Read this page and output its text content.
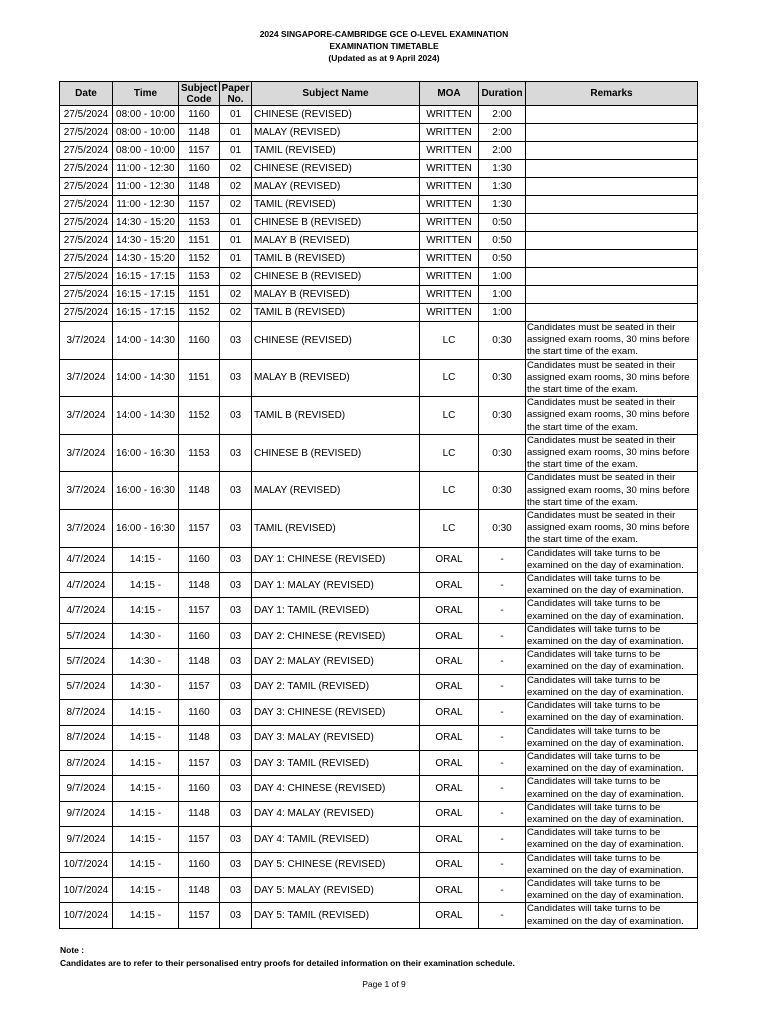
2024 SINGAPORE-CAMBRIDGE GCE O-LEVEL EXAMINATION
EXAMINATION TIMETABLE
(Updated as at 9 April 2024)
Date	Time	Subject Code	Paper No.	Subject Name	MOA	Duration	Remarks
27/5/2024	08:00 - 10:00	1160	01	CHINESE (REVISED)	WRITTEN	2:00	
27/5/2024	08:00 - 10:00	1148	01	MALAY (REVISED)	WRITTEN	2:00	
27/5/2024	08:00 - 10:00	1157	01	TAMIL (REVISED)	WRITTEN	2:00	
27/5/2024	11:00 - 12:30	1160	02	CHINESE (REVISED)	WRITTEN	1:30	
27/5/2024	11:00 - 12:30	1148	02	MALAY (REVISED)	WRITTEN	1:30	
27/5/2024	11:00 - 12:30	1157	02	TAMIL (REVISED)	WRITTEN	1:30	
27/5/2024	14:30 - 15:20	1153	01	CHINESE B (REVISED)	WRITTEN	0:50	
27/5/2024	14:30 - 15:20	1151	01	MALAY B (REVISED)	WRITTEN	0:50	
27/5/2024	14:30 - 15:20	1152	01	TAMIL B (REVISED)	WRITTEN	0:50	
27/5/2024	16:15 - 17:15	1153	02	CHINESE B (REVISED)	WRITTEN	1:00	
27/5/2024	16:15 - 17:15	1151	02	MALAY B (REVISED)	WRITTEN	1:00	
27/5/2024	16:15 - 17:15	1152	02	TAMIL B (REVISED)	WRITTEN	1:00	
3/7/2024	14:00 - 14:30	1160	03	CHINESE (REVISED)	LC	0:30	Candidates must be seated in their assigned exam rooms, 30 mins before the start time of the exam.
3/7/2024	14:00 - 14:30	1151	03	MALAY B (REVISED)	LC	0:30	Candidates must be seated in their assigned exam rooms, 30 mins before the start time of the exam.
3/7/2024	14:00 - 14:30	1152	03	TAMIL B (REVISED)	LC	0:30	Candidates must be seated in their assigned exam rooms, 30 mins before the start time of the exam.
3/7/2024	16:00 - 16:30	1153	03	CHINESE B (REVISED)	LC	0:30	Candidates must be seated in their assigned exam rooms, 30 mins before the start time of the exam.
3/7/2024	16:00 - 16:30	1148	03	MALAY (REVISED)	LC	0:30	Candidates must be seated in their assigned exam rooms, 30 mins before the start time of the exam.
3/7/2024	16:00 - 16:30	1157	03	TAMIL (REVISED)	LC	0:30	Candidates must be seated in their assigned exam rooms, 30 mins before the start time of the exam.
4/7/2024	14:15 -	1160	03	DAY 1: CHINESE (REVISED)	ORAL	-	Candidates will take turns to be examined on the day of examination.
4/7/2024	14:15 -	1148	03	DAY 1: MALAY (REVISED)	ORAL	-	Candidates will take turns to be examined on the day of examination.
4/7/2024	14:15 -	1157	03	DAY 1: TAMIL (REVISED)	ORAL	-	Candidates will take turns to be examined on the day of examination.
5/7/2024	14:30 -	1160	03	DAY 2: CHINESE (REVISED)	ORAL	-	Candidates will take turns to be examined on the day of examination.
5/7/2024	14:30 -	1148	03	DAY 2: MALAY (REVISED)	ORAL	-	Candidates will take turns to be examined on the day of examination.
5/7/2024	14:30 -	1157	03	DAY 2: TAMIL (REVISED)	ORAL	-	Candidates will take turns to be examined on the day of examination.
8/7/2024	14:15 -	1160	03	DAY 3: CHINESE (REVISED)	ORAL	-	Candidates will take turns to be examined on the day of examination.
8/7/2024	14:15 -	1148	03	DAY 3: MALAY (REVISED)	ORAL	-	Candidates will take turns to be examined on the day of examination.
8/7/2024	14:15 -	1157	03	DAY 3: TAMIL (REVISED)	ORAL	-	Candidates will take turns to be examined on the day of examination.
9/7/2024	14:15 -	1160	03	DAY 4: CHINESE (REVISED)	ORAL	-	Candidates will take turns to be examined on the day of examination.
9/7/2024	14:15 -	1148	03	DAY 4: MALAY (REVISED)	ORAL	-	Candidates will take turns to be examined on the day of examination.
9/7/2024	14:15 -	1157	03	DAY 4: TAMIL (REVISED)	ORAL	-	Candidates will take turns to be examined on the day of examination.
10/7/2024	14:15 -	1160	03	DAY 5: CHINESE (REVISED)	ORAL	-	Candidates will take turns to be examined on the day of examination.
10/7/2024	14:15 -	1148	03	DAY 5: MALAY (REVISED)	ORAL	-	Candidates will take turns to be examined on the day of examination.
10/7/2024	14:15 -	1157	03	DAY 5: TAMIL (REVISED)	ORAL	-	Candidates will take turns to be examined on the day of examination.
Note :
Candidates are to refer to their personalised entry proofs for detailed information on their examination schedule.
Page 1 of 9
